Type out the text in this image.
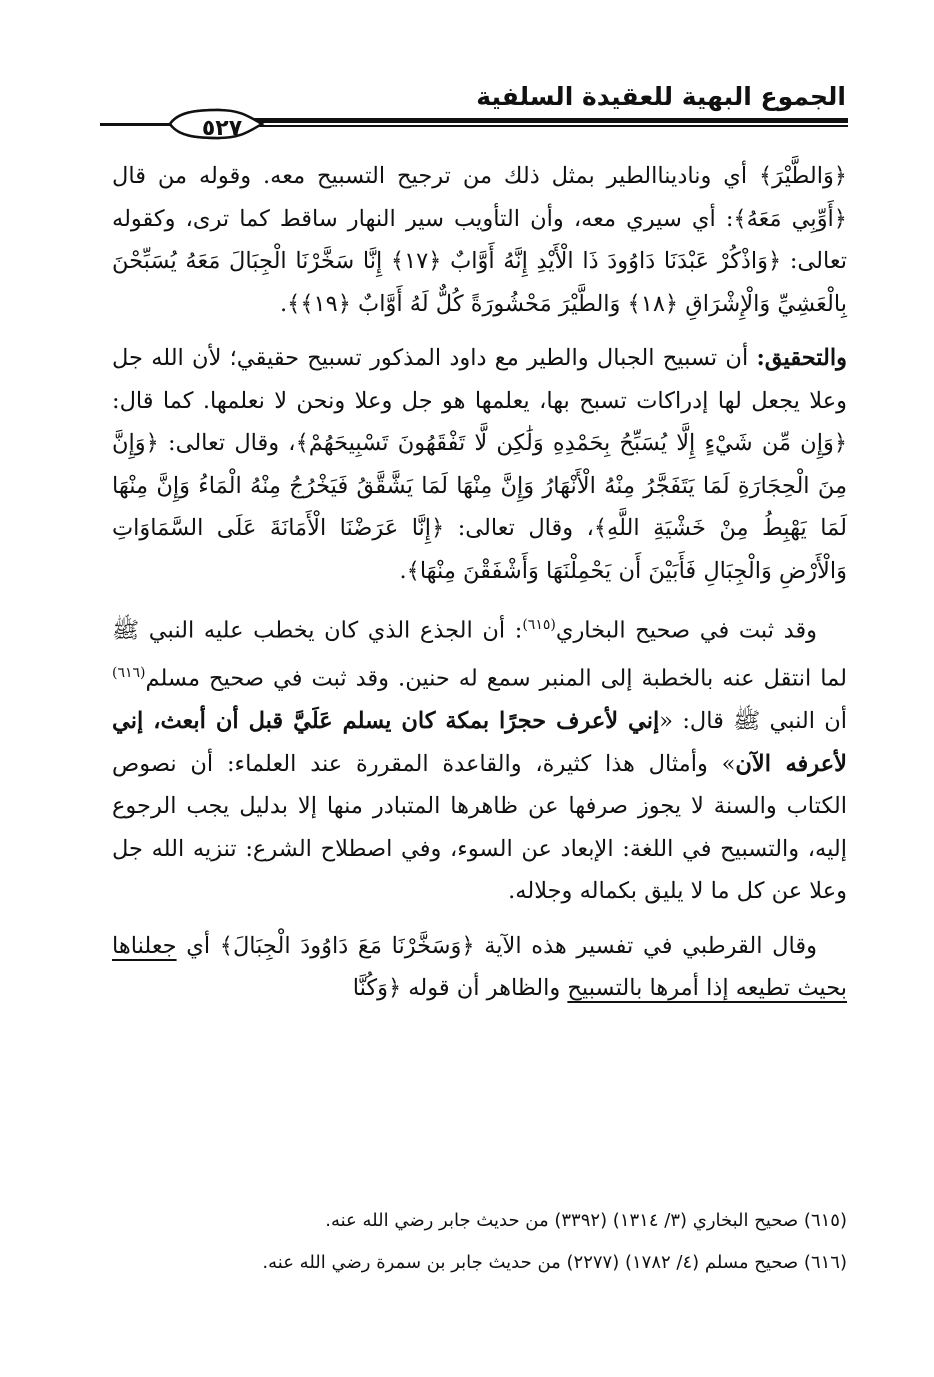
الجموع البهية للعقيدة السلفية
٥٢٧

﴿وَالطَّيْرَ﴾ أي وناديناالطير بمثل ذلك من ترجيح التسبيح معه. وقوله من قال ﴿أَوِّبِي مَعَهُ﴾: أي سيري معه، وأن التأويب سير النهار ساقط كما ترى، وكقوله تعالى: ﴿وَاذْكُرْ عَبْدَنَا دَاوُودَ ذَا الْأَيْدِ إِنَّهُ أَوَّابٌ ﴿١٧﴾ إِنَّا سَخَّرْنَا الْجِبَالَ مَعَهُ يُسَبِّحْنَ بِالْعَشِيِّ وَالْإِشْرَاقِ ﴿١٨﴾ وَالطَّيْرَ مَحْشُورَةً كُلٌّ لَهُ أَوَّابٌ ﴿١٩﴾﴾.

والتحقيق: أن تسبيح الجبال والطير مع داود المذكور تسبيح حقيقي؛ لأن الله جل وعلا يجعل لها إدراكات تسبح بها، يعلمها هو جل وعلا ونحن لا نعلمها. كما قال: ﴿وَإِن مِّن شَيْءٍ إِلَّا يُسَبِّحُ بِحَمْدِهِ وَلَٰكِن لَّا تَفْقَهُونَ تَسْبِيحَهُمْ﴾، وقال تعالى: ﴿وَإِنَّ مِنَ الْحِجَارَةِ لَمَا يَتَفَجَّرُ مِنْهُ الْأَنْهَارُ وَإِنَّ مِنْهَا لَمَا يَشَّقَّقُ فَيَخْرُجُ مِنْهُ الْمَاءُ وَإِنَّ مِنْهَا لَمَا يَهْبِطُ مِنْ خَشْيَةِ اللَّهِ﴾، وقال تعالى: ﴿إِنَّا عَرَضْنَا الْأَمَانَةَ عَلَى السَّمَاوَاتِ وَالْأَرْضِ وَالْجِبَالِ فَأَبَيْنَ أَن يَحْمِلْنَهَا وَأَشْفَقْنَ مِنْهَا﴾.

وقد ثبت في صحيح البخاري$^{(٦١٥)}$: أن الجذع الذي كان يخطب عليه النبي ﷺ لما انتقل عنه بالخطبة إلى المنبر سمع له حنين. وقد ثبت في صحيح مسلم$^{(٦١٦)}$ أن النبي ﷺ قال: «إني لأعرف حجرًا بمكة كان يسلم عَلَيَّ قبل أن أبعث، إني لأعرفه الآن» وأمثال هذا كثيرة، والقاعدة المقررة عند العلماء: أن نصوص الكتاب والسنة لا يجوز صرفها عن ظاهرها المتبادر منها إلا بدليل يجب الرجوع إليه، والتسبيح في اللغة: الإبعاد عن السوء، وفي اصطلاح الشرع: تنزيه الله جل وعلا عن كل ما لا يليق بكماله وجلاله.

وقال القرطبي في تفسير هذه الآية ﴿وَسَخَّرْنَا مَعَ دَاوُودَ الْجِبَالَ﴾ أي جعلناها بحيث تطيعه إذا أمرها بالتسبيح والظاهر أن قوله ﴿وَكُنَّا

(٦١٥) صحيح البخاري (٣/ ١٣١٤) (٣٣٩٢) من حديث جابر رضي الله عنه.

(٦١٦) صحيح مسلم (٤/ ١٧٨٢) (٢٢٧٧) من حديث جابر بن سمرة رضي الله عنه.
